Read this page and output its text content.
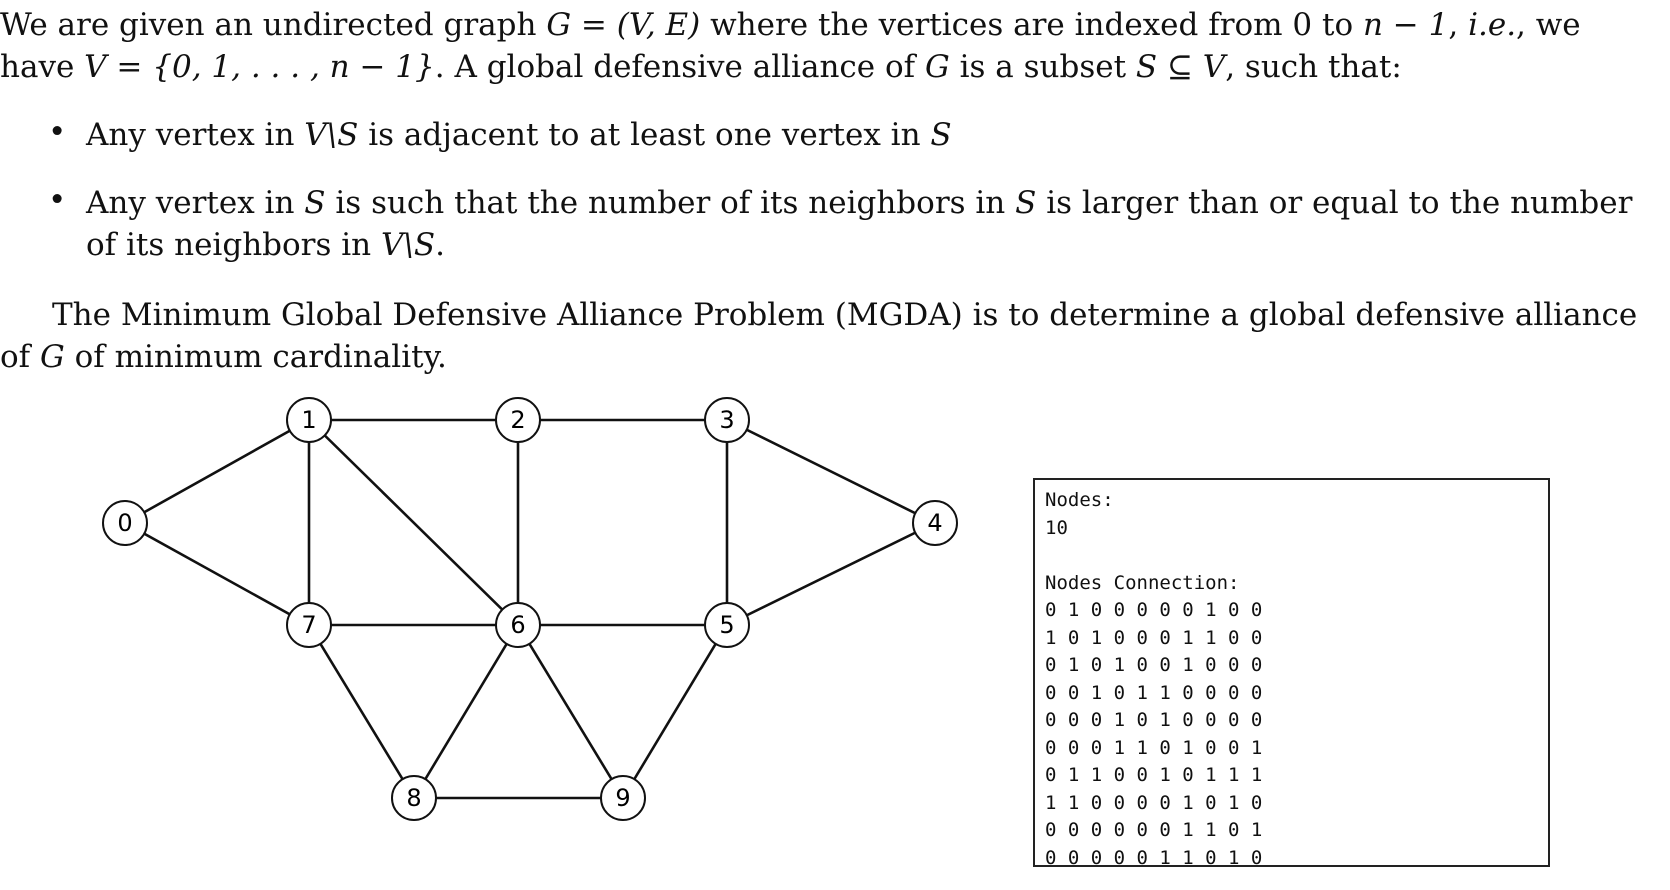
We are given an undirected graph G = (V, E) where the vertices are indexed from 0 to n − 1, i.e., we have V = {0, 1, . . . , n − 1}. A global defensive alliance of G is a subset S ⊆ V, such that:
• Any vertex in V\S is adjacent to at least one vertex in S
• Any vertex in S is such that the number of its neighbors in S is larger than or equal to the number of its neighbors in V\S.
The Minimum Global Defensive Alliance Problem (MGDA) is to determine a global defensive alliance of G of minimum cardinality.
0
1	2	3
4
5
6
7
8	9
Nodes:
10

Nodes Connection:
0 1 0 0 0 0 0 1 0 0
1 0 1 0 0 0 1 1 0 0
0 1 0 1 0 0 1 0 0 0
0 0 1 0 1 1 0 0 0 0
0 0 0 1 0 1 0 0 0 0
0 0 0 1 1 0 1 0 0 1
0 1 1 0 0 1 0 1 1 1
1 1 0 0 0 0 1 0 1 0
0 0 0 0 0 0 1 1 0 1
0 0 0 0 0 1 1 0 1 0
